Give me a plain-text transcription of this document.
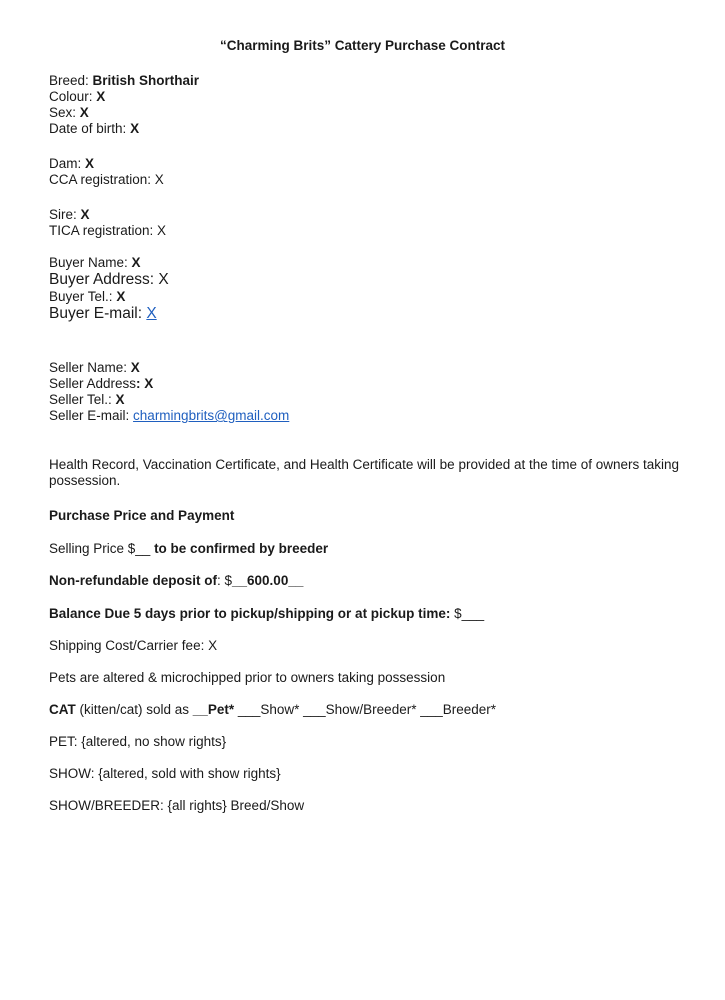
“Charming Brits” Cattery Purchase Contract
Breed: British Shorthair
Colour: X
Sex: X
Date of birth: X
Dam: X
CCA registration: X
Sire: X
TICA registration: X
Buyer Name: X
Buyer Address: X
Buyer Tel.: X
Buyer E-mail: X
Seller Name: X
Seller Address: X
Seller Tel.: X
Seller E-mail: charmingbrits@gmail.com
Health Record, Vaccination Certificate, and Health Certificate will be provided at the time of owners taking possession.
Purchase Price and Payment
Selling Price $__ to be confirmed by breeder
Non-refundable deposit of: $__600.00__
Balance Due 5 days prior to pickup/shipping or at pickup time: $___
Shipping Cost/Carrier fee: X
Pets are altered & microchipped prior to owners taking possession
CAT (kitten/cat) sold as __Pet* ___Show* ___Show/Breeder* ___Breeder*
PET: {altered, no show rights}
SHOW: {altered, sold with show rights}
SHOW/BREEDER: {all rights} Breed/Show
